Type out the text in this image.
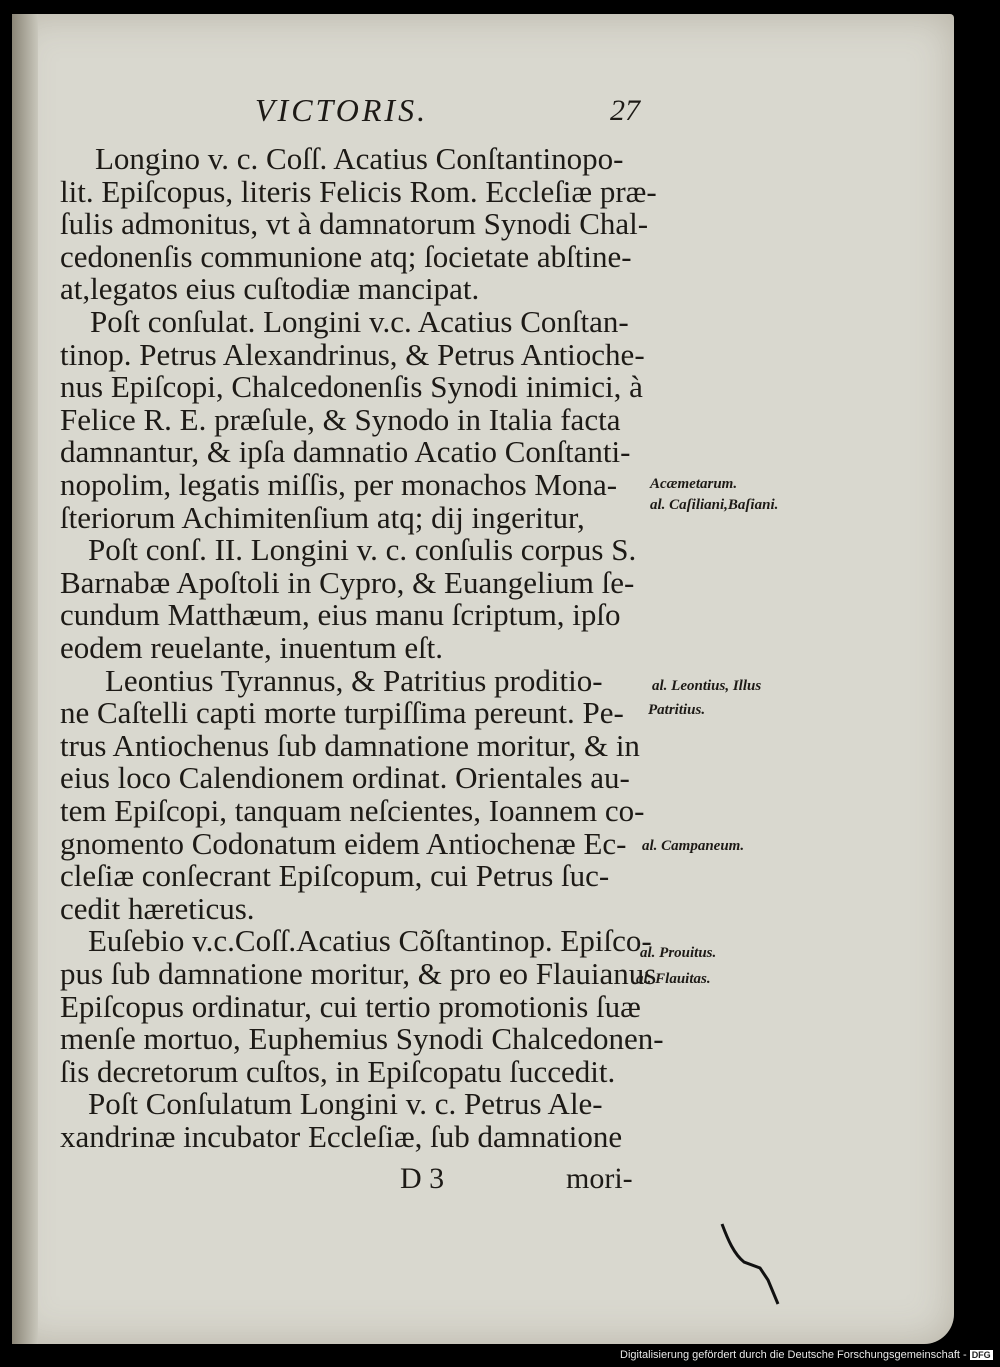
VICTORIS.	27
Longino v. c. Coſſ. Acatius Conſtantinopo-
lit. Epiſcopus, literis Felicis Rom. Eccleſiæ præ-
ſulis admonitus, vt à damnatorum Synodi Chal-
cedonenſis communione atq; ſocietate abſtine-
at,legatos eius cuſtodiæ mancipat.
Poſt conſulat. Longini v.c. Acatius Conſtan-
tinop. Petrus Alexandrinus, & Petrus Antioche-
nus Epiſcopi, Chalcedonenſis Synodi inimici, à
Felice R. E. præſule, & Synodo in Italia facta
damnantur, & ipſa damnatio Acatio Conſtanti-
nopolim, legatis miſſis, per monachos Mona-
ſteriorum Achimitenſium atq; dij ingeritur,
Poſt conſ. II. Longini v. c. conſulis corpus S.
Barnabæ Apoſtoli in Cypro, & Euangelium ſe-
cundum Matthæum, eius manu ſcriptum, ipſo
eodem reuelante, inuentum eſt.
Leontius Tyrannus, & Patritius proditio-
ne Caſtelli capti morte turpiſſima pereunt. Pe-
trus Antiochenus ſub damnatione moritur, & in
eius loco Calendionem ordinat. Orientales au-
tem Epiſcopi, tanquam neſcientes, Ioannem co-
gnomento Codonatum eidem Antiochenæ Ec-
cleſiæ conſecrant Epiſcopum, cui Petrus ſuc-
cedit hæreticus.
Euſebio v.c.Coſſ.Acatius Cõſtantinop. Epiſco-
pus ſub damnatione moritur, & pro eo Flauianus
Epiſcopus ordinatur, cui tertio promotionis ſuæ
menſe mortuo, Euphemius Synodi Chalcedonen-
ſis decretorum cuſtos, in Epiſcopatu ſuccedit.
Poſt Conſulatum Longini v. c. Petrus Ale-
xandrinæ incubator Eccleſiæ, ſub damnatione
Acæmetarum.
al. Caſiliani,Baſiani.
al. Leontius, Illus
Patritius.
al. Campaneum.
al. Prouitus.
al. Flauitas.
D 3	mori-
Digitalisierung gefördert durch die Deutsche Forschungsgemeinschaft - DFG
